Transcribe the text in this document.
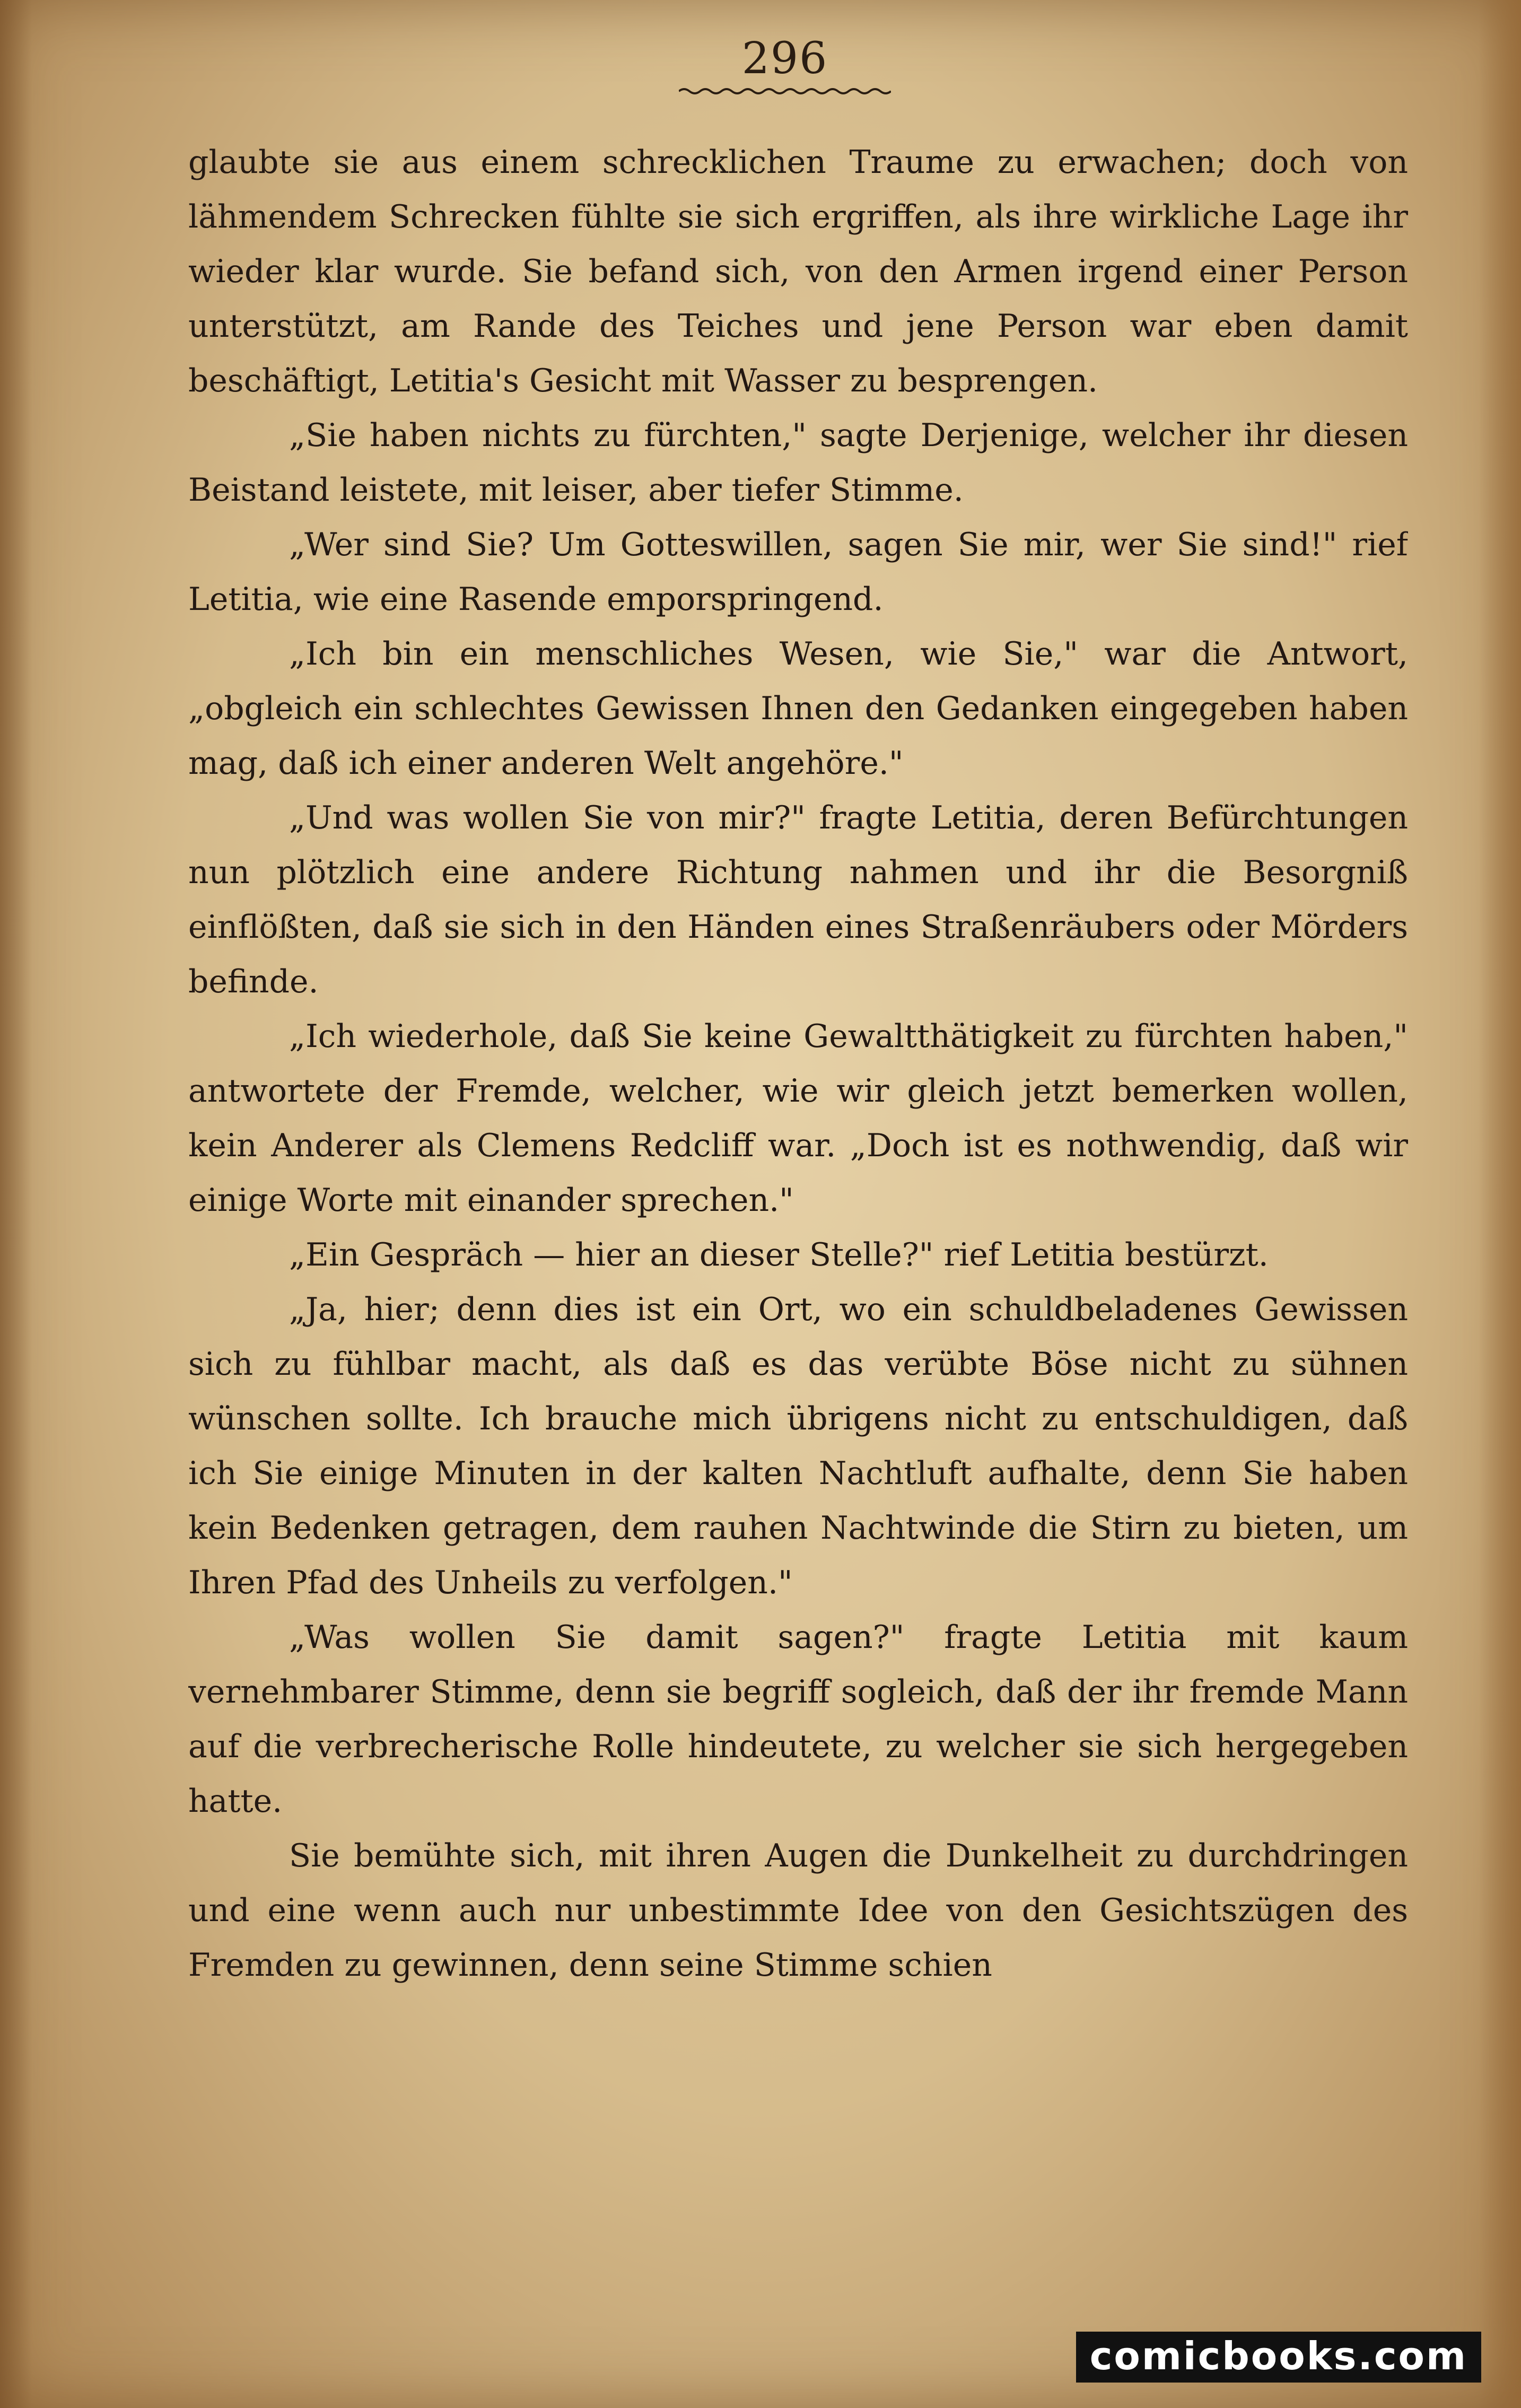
296

glaubte sie aus einem schrecklichen Traume zu erwachen; doch von lähmendem Schrecken fühlte sie sich ergriffen, als ihre wirkliche Lage ihr wieder klar wurde. Sie befand sich, von den Armen irgend einer Person unterstützt, am Rande des Teiches und jene Person war eben damit beschäftigt, Letitia's Gesicht mit Wasser zu besprengen.

„Sie haben nichts zu fürchten," sagte Derjenige, welcher ihr diesen Beistand leistete, mit leiser, aber tiefer Stimme.

„Wer sind Sie? Um Gotteswillen, sagen Sie mir, wer Sie sind!" rief Letitia, wie eine Rasende emporspringend.

„Ich bin ein menschliches Wesen, wie Sie," war die Antwort, „obgleich ein schlechtes Gewissen Ihnen den Gedanken eingegeben haben mag, daß ich einer anderen Welt angehöre."

„Und was wollen Sie von mir?" fragte Letitia, deren Befürchtungen nun plötzlich eine andere Richtung nahmen und ihr die Besorgniß einflößten, daß sie sich in den Händen eines Straßenräubers oder Mörders befinde.

„Ich wiederhole, daß Sie keine Gewaltthätigkeit zu fürchten haben," antwortete der Fremde, welcher, wie wir gleich jetzt bemerken wollen, kein Anderer als Clemens Redcliff war. „Doch ist es nothwendig, daß wir einige Worte mit einander sprechen."

„Ein Gespräch — hier an dieser Stelle?" rief Letitia bestürzt.

„Ja, hier; denn dies ist ein Ort, wo ein schuldbeladenes Gewissen sich zu fühlbar macht, als daß es das verübte Böse nicht zu sühnen wünschen sollte. Ich brauche mich übrigens nicht zu entschuldigen, daß ich Sie einige Minuten in der kalten Nachtluft aufhalte, denn Sie haben kein Bedenken getragen, dem rauhen Nachtwinde die Stirn zu bieten, um Ihren Pfad des Unheils zu verfolgen."

„Was wollen Sie damit sagen?" fragte Letitia mit kaum vernehmbarer Stimme, denn sie begriff sogleich, daß der ihr fremde Mann auf die verbrecherische Rolle hindeutete, zu welcher sie sich hergegeben hatte.

Sie bemühte sich, mit ihren Augen die Dunkelheit zu durchdringen und eine wenn auch nur unbestimmte Idee von den Gesichtszügen des Fremden zu gewinnen, denn seine Stimme schien

comicbooks.com
